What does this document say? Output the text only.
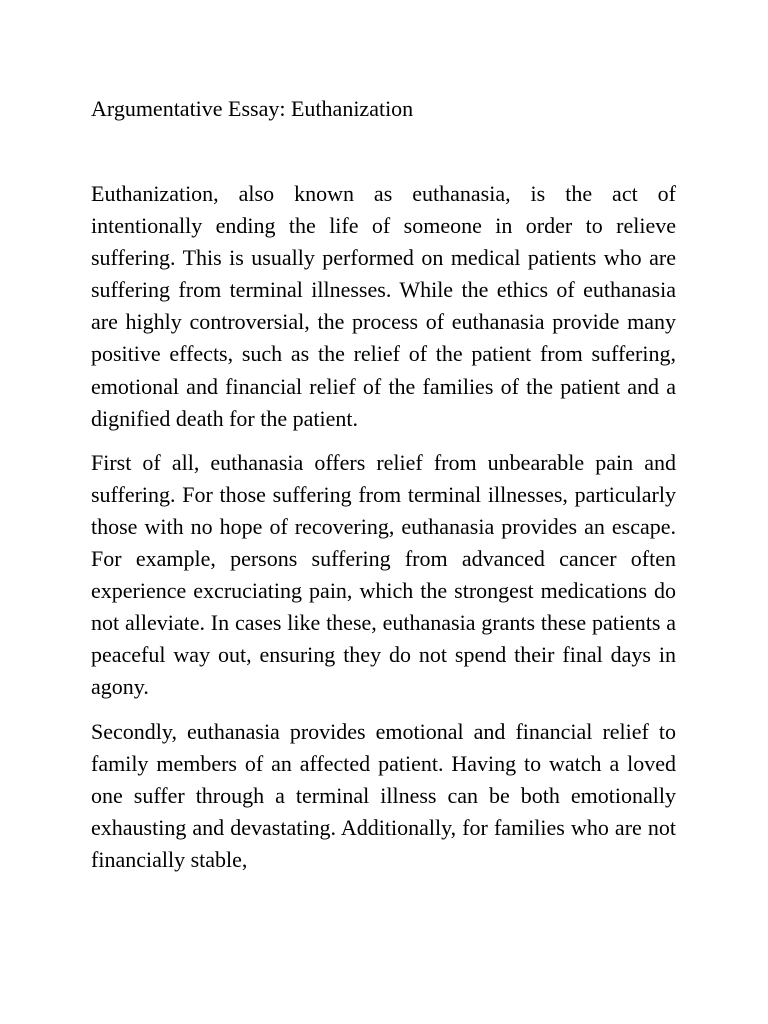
Argumentative Essay: Euthanization

Euthanization, also known as euthanasia, is the act of intentionally ending the life of someone in order to relieve suffering. This is usually performed on medical patients who are suffering from terminal illnesses. While the ethics of euthanasia are highly controversial, the process of euthanasia provide many positive effects, such as the relief of the patient from suffering, emotional and financial relief of the families of the patient and a dignified death for the patient.

First of all, euthanasia offers relief from unbearable pain and suffering. For those suffering from terminal illnesses, particularly those with no hope of recovering, euthanasia provides an escape. For example, persons suffering from advanced cancer often experience excruciating pain, which the strongest medications do not alleviate. In cases like these, euthanasia grants these patients a peaceful way out, ensuring they do not spend their final days in agony.

Secondly, euthanasia provides emotional and financial relief to family members of an affected patient. Having to watch a loved one suffer through a terminal illness can be both emotionally exhausting and devastating. Additionally, for families who are not financially stable,
